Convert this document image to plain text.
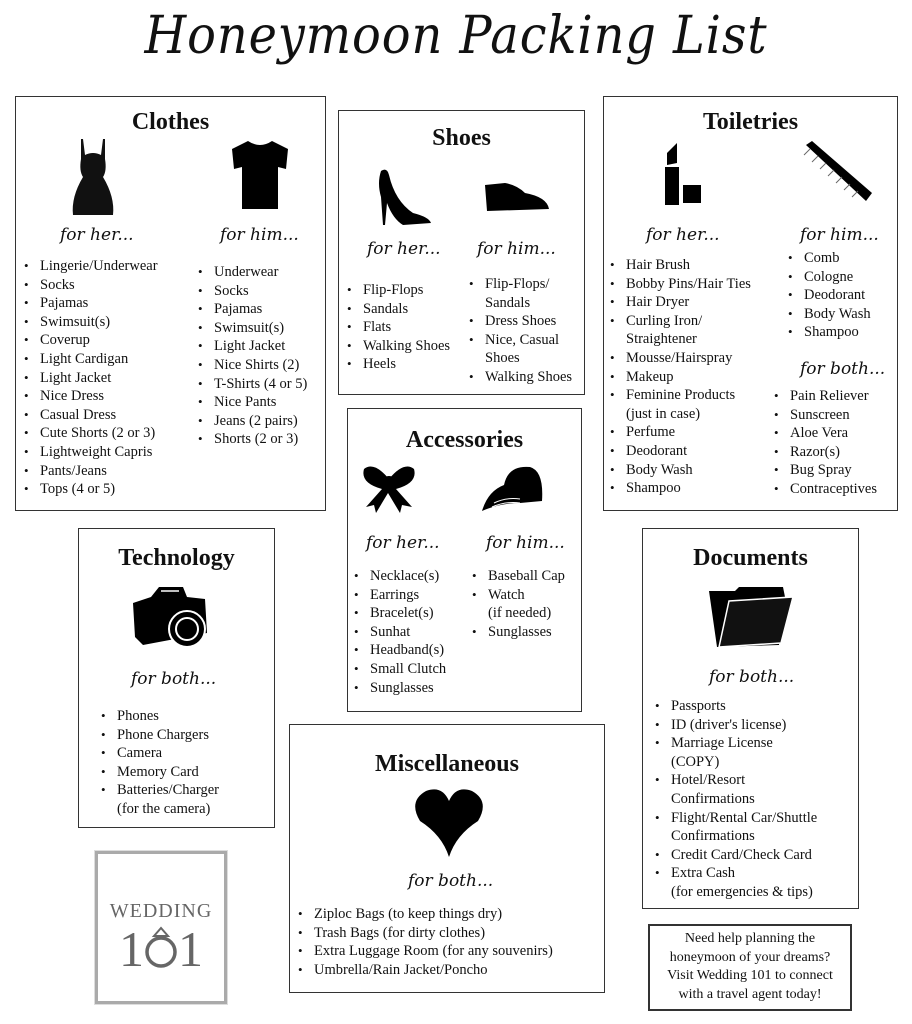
Honeymoon Packing List
Clothes
for her...	for him...
• Lingerie/Underwear
• Socks
• Pajamas
• Swimsuit(s)
• Coverup
• Light Cardigan
• Light Jacket
• Nice Dress
• Casual Dress
• Cute Shorts (2 or 3)
• Lightweight Capris
• Pants/Jeans
• Tops (4 or 5)
• Underwear
• Socks
• Pajamas
• Swimsuit(s)
• Light Jacket
• Nice Shirts (2)
• T-Shirts (4 or 5)
• Nice Pants
• Jeans (2 pairs)
• Shorts (2 or 3)
Shoes
for her... for him...
• Flip-Flops
• Sandals
• Flats
• Walking Shoes
• Heels
• Flip-Flops/
Sandals
• Dress Shoes
• Nice, Casual
Shoes
• Walking Shoes
Toiletries
for her...	for him...
• Hair Brush
• Bobby Pins/Hair Ties
• Hair Dryer
• Curling Iron/
Straightener
• Mousse/Hairspray
• Makeup
• Feminine Products
(just in case)
• Perfume
• Deodorant
• Body Wash
• Shampoo
• Comb
• Cologne
• Deodorant
• Body Wash
• Shampoo
for both...
• Pain Reliever
• Sunscreen
• Aloe Vera
• Razor(s)
• Bug Spray
• Contraceptives
Accessories
for her...	for him...
• Necklace(s)
• Earrings
• Bracelet(s)
• Sunhat
• Headband(s)
• Small Clutch
• Sunglasses
• Baseball Cap
• Watch
(if needed)
• Sunglasses
Technology
for both...
• Phones
• Phone Chargers
• Camera
• Memory Card
• Batteries/Charger
(for the camera)
Documents
for both...
• Passports
• ID (driver's license)
• Marriage License
(COPY)
• Hotel/Resort
Confirmations
• Flight/Rental Car/Shuttle
Confirmations
• Credit Card/Check Card
• Extra Cash
(for emergencies & tips)
Miscellaneous
for both...
• Ziploc Bags (to keep things dry)
• Trash Bags (for dirty clothes)
• Extra Luggage Room (for any souvenirs)
• Umbrella/Rain Jacket/Poncho
WEDDING
1 1	Need help planning the
honeymoon of your dreams?
Visit Wedding 101 to connect
with a travel agent today!
